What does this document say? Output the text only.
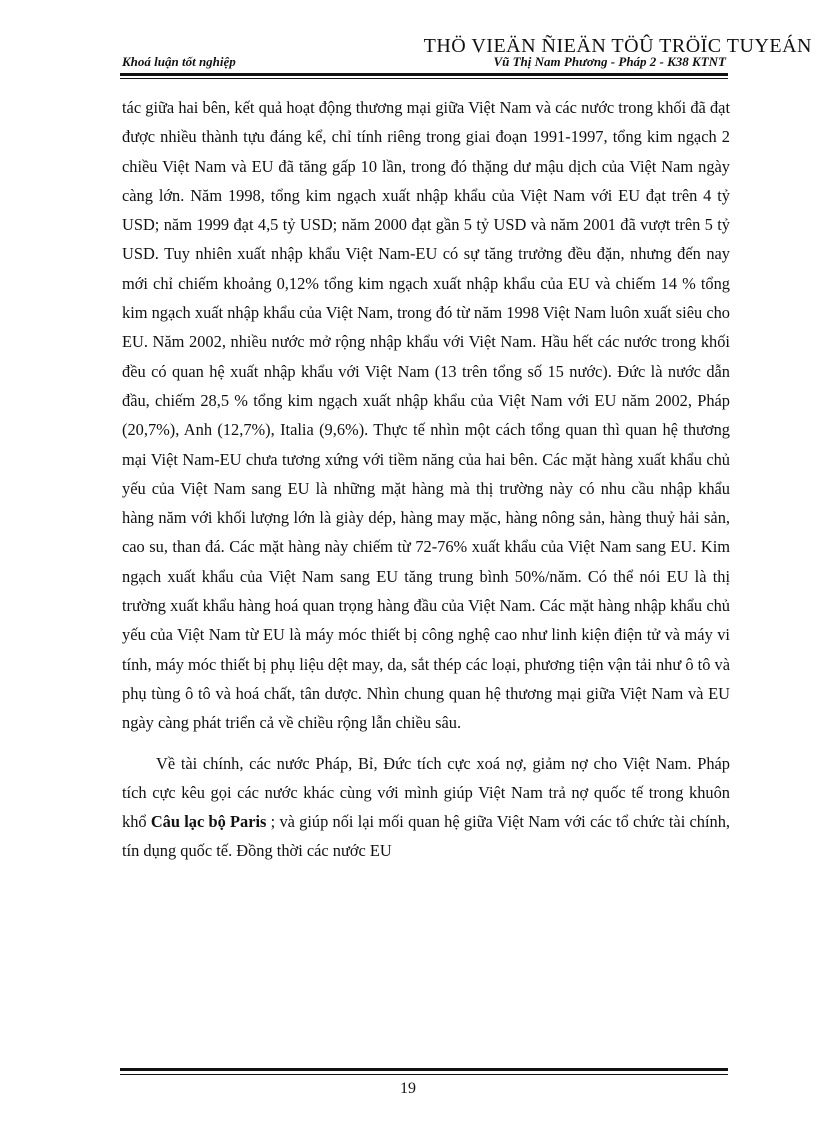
THÖ VIEÄN ÑIEÄN TÖÛ TRÖÏC TUYEÁN
Khoá luận tốt nghiệp	Vũ Thị Nam Phương - Pháp 2 - K38 KTNT

tác giữa hai bên, kết quả hoạt động thương mại giữa Việt Nam và các nước trong khối đã đạt được nhiều thành tựu đáng kể, chỉ tính riêng trong giai đoạn 1991-1997, tổng kim ngạch 2 chiều Việt Nam và EU đã tăng gấp 10 lần, trong đó thặng dư mậu dịch của Việt Nam ngày càng lớn. Năm 1998, tổng kim ngạch xuất nhập khẩu của Việt Nam với EU đạt trên 4 tỷ USD; năm 1999 đạt 4,5 tỷ USD; năm 2000 đạt gần 5 tỷ USD và năm 2001 đã vượt trên 5 tỷ USD. Tuy nhiên xuất nhập khẩu Việt Nam-EU có sự tăng trưởng đều đặn, nhưng đến nay mới chỉ chiếm khoảng 0,12% tổng kim ngạch xuất nhập khẩu của EU và chiếm 14 % tổng kim ngạch xuất nhập khẩu của Việt Nam, trong đó từ năm 1998 Việt Nam luôn xuất siêu cho EU. Năm 2002, nhiều nước mở rộng nhập khẩu với Việt Nam. Hầu hết các nước trong khối đều có quan hệ xuất nhập khẩu với Việt Nam (13 trên tổng số 15 nước). Đức là nước dẫn đầu, chiếm 28,5 % tổng kim ngạch xuất nhập khẩu của Việt Nam với EU năm 2002, Pháp (20,7%), Anh (12,7%), Italia (9,6%). Thực tế nhìn một cách tổng quan thì quan hệ thương mại Việt Nam-EU chưa tương xứng với tiềm năng của hai bên. Các mặt hàng xuất khẩu chủ yếu của Việt Nam sang EU là những mặt hàng mà thị trường này có nhu cầu nhập khẩu hàng năm với khối lượng lớn là giày dép, hàng may mặc, hàng nông sản, hàng thuỷ hải sản, cao su, than đá. Các mặt hàng này chiếm từ 72-76% xuất khẩu của Việt Nam sang EU. Kim ngạch xuất khẩu của Việt Nam sang EU tăng trung bình 50%/năm. Có thể nói EU là thị trường xuất khẩu hàng hoá quan trọng hàng đầu của Việt Nam. Các mặt hàng nhập khẩu chủ yếu của Việt Nam từ EU là máy móc thiết bị công nghệ cao như linh kiện điện tử và máy vi tính, máy móc thiết bị phụ liệu dệt may, da, sắt thép các loại, phương tiện vận tải như ô tô và phụ tùng ô tô và hoá chất, tân dược. Nhìn chung quan hệ thương mại giữa Việt Nam và EU ngày càng phát triển cả về chiều rộng lẫn chiều sâu.

Về tài chính, các nước Pháp, Bỉ, Đức tích cực xoá nợ, giảm nợ cho Việt Nam. Pháp tích cực kêu gọi các nước khác cùng với mình giúp Việt Nam trả nợ quốc tế trong khuôn khổ Câu lạc bộ Paris ; và giúp nối lại mối quan hệ giữa Việt Nam với các tổ chức tài chính, tín dụng quốc tế. Đồng thời các nước EU

19
